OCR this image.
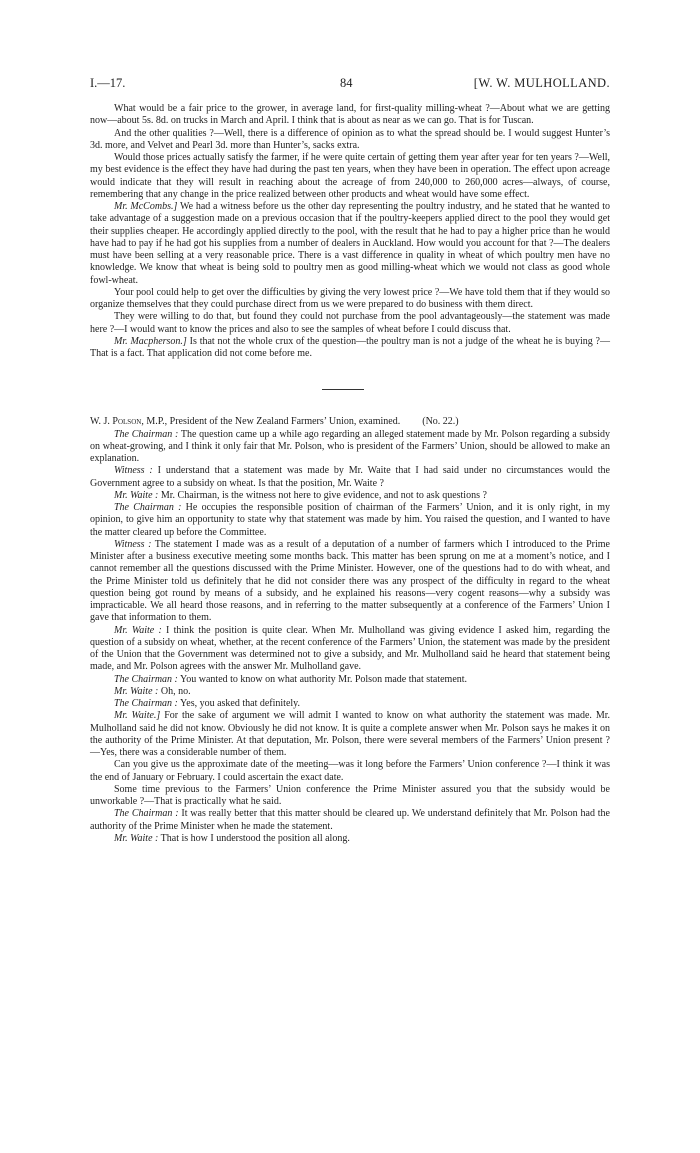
I.—17.	84	[W. W. MULHOLLAND.

What would be a fair price to the grower, in average land, for first-quality milling-wheat ?—About what we are getting now—about 5s. 8d. on trucks in March and April. I think that is about as near as we can go. That is for Tuscan.

And the other qualities ?—Well, there is a difference of opinion as to what the spread should be. I would suggest Hunter’s 3d. more, and Velvet and Pearl 3d. more than Hunter’s, sacks extra.

Would those prices actually satisfy the farmer, if he were quite certain of getting them year after year for ten years ?—Well, my best evidence is the effect they have had during the past ten years, when they have been in operation. The effect upon acreage would indicate that they will result in reaching about the acreage of from 240,000 to 260,000 acres—always, of course, remembering that any change in the price realized between other products and wheat would have some effect.

Mr. McCombs.] We had a witness before us the other day representing the poultry industry, and he stated that he wanted to take advantage of a suggestion made on a previous occasion that if the poultry-keepers applied direct to the pool they would get their supplies cheaper. He accordingly applied directly to the pool, with the result that he had to pay a higher price than he would have had to pay if he had got his supplies from a number of dealers in Auckland. How would you account for that ?—The dealers must have been selling at a very reasonable price. There is a vast difference in quality in wheat of which poultry men have no knowledge. We know that wheat is being sold to poultry men as good milling-wheat which we would not class as good whole fowl-wheat.

Your pool could help to get over the difficulties by giving the very lowest price ?—We have told them that if they would so organize themselves that they could purchase direct from us we were prepared to do business with them direct.

They were willing to do that, but found they could not purchase from the pool advantageously—the statement was made here ?—I would want to know the prices and also to see the samples of wheat before I could discuss that.

Mr. Macpherson.] Is that not the whole crux of the question—the poultry man is not a judge of the wheat he is buying ?—That is a fact. That application did not come before me.

W. J. Polson, M.P., President of the New Zealand Farmers’ Union, examined. (No. 22.)

The Chairman : The question came up a while ago regarding an alleged statement made by Mr. Polson regarding a subsidy on wheat-growing, and I think it only fair that Mr. Polson, who is president of the Farmers’ Union, should be allowed to make an explanation.

Witness : I understand that a statement was made by Mr. Waite that I had said under no circumstances would the Government agree to a subsidy on wheat. Is that the position, Mr. Waite ?

Mr. Waite : Mr. Chairman, is the witness not here to give evidence, and not to ask questions ?

The Chairman : He occupies the responsible position of chairman of the Farmers’ Union, and it is only right, in my opinion, to give him an opportunity to state why that statement was made by him. You raised the question, and I wanted to have the matter cleared up before the Committee.

Witness : The statement I made was as a result of a deputation of a number of farmers which I introduced to the Prime Minister after a business executive meeting some months back. This matter has been sprung on me at a moment’s notice, and I cannot remember all the questions discussed with the Prime Minister. However, one of the questions had to do with wheat, and the Prime Minister told us definitely that he did not consider there was any prospect of the difficulty in regard to the wheat question being got round by means of a subsidy, and he explained his reasons—very cogent reasons—why a subsidy was impracticable. We all heard those reasons, and in referring to the matter subsequently at a conference of the Farmers’ Union I gave that information to them.

Mr. Waite : I think the position is quite clear. When Mr. Mulholland was giving evidence I asked him, regarding the question of a subsidy on wheat, whether, at the recent conference of the Farmers’ Union, the statement was made by the president of the Union that the Government was determined not to give a subsidy, and Mr. Mulholland said he heard that statement being made, and Mr. Polson agrees with the answer Mr. Mulholland gave.

The Chairman : You wanted to know on what authority Mr. Polson made that statement.

Mr. Waite : Oh, no.

The Chairman : Yes, you asked that definitely.

Mr. Waite.] For the sake of argument we will admit I wanted to know on what authority the statement was made. Mr. Mulholland said he did not know. Obviously he did not know. It is quite a complete answer when Mr. Polson says he makes it on the authority of the Prime Minister. At that deputation, Mr. Polson, there were several members of the Farmers’ Union present ?—Yes, there was a considerable number of them.

Can you give us the approximate date of the meeting—was it long before the Farmers’ Union conference ?—I think it was the end of January or February. I could ascertain the exact date.

Some time previous to the Farmers’ Union conference the Prime Minister assured you that the subsidy would be unworkable ?—That is practically what he said.

The Chairman : It was really better that this matter should be cleared up. We understand definitely that Mr. Polson had the authority of the Prime Minister when he made the statement.

Mr. Waite : That is how I understood the position all along.
